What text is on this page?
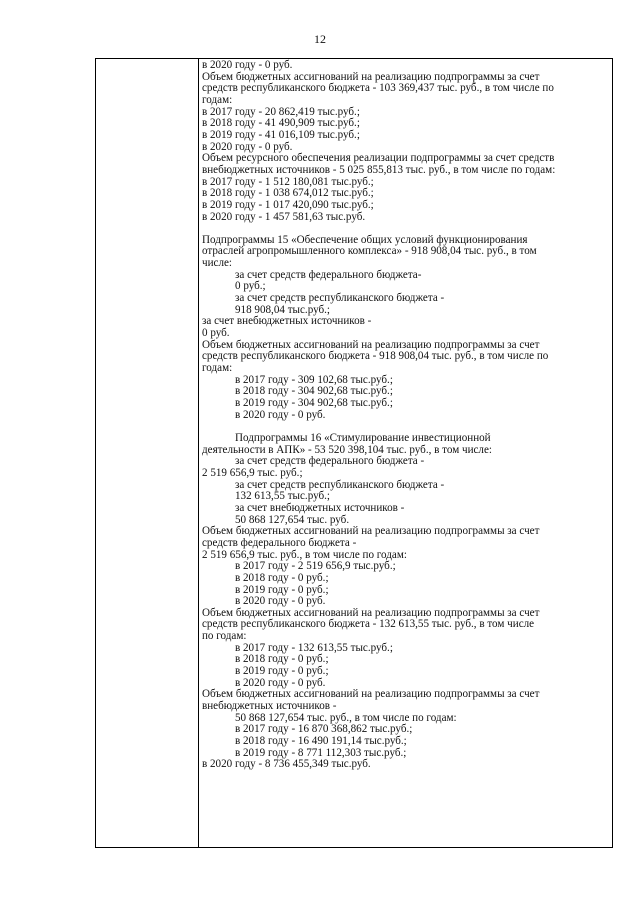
12
в 2020 году - 0 руб.
Объем бюджетных ассигнований на реализацию подпрограммы за счет
средств республиканского бюджета - 103 369,437 тыс. руб., в том числе по
годам:
в 2017 году - 20 862,419 тыс.руб.;
в 2018 году - 41 490,909 тыс.руб.;
в 2019 году - 41 016,109 тыс.руб.;
в 2020 году - 0 руб.
Объем ресурсного обеспечения реализации подпрограммы за счет средств
внебюджетных источников - 5 025 855,813 тыс. руб., в том числе по годам:
в 2017 году - 1 512 180,081 тыс.руб.;
в 2018 году - 1 038 674,012 тыс.руб.;
в 2019 году - 1 017 420,090 тыс.руб.;
в 2020 году - 1 457 581,63 тыс.руб.
Подпрограммы 15 «Обеспечение общих условий функционирования
отраслей агропромышленного комплекса» - 918 908,04 тыс. руб., в том
числе:
за счет средств федерального бюджета-
0 руб.;
за счет средств республиканского бюджета -
918 908,04 тыс.руб.;
за счет внебюджетных источников -
0 руб.
Объем бюджетных ассигнований на реализацию подпрограммы за счет
средств республиканского бюджета - 918 908,04 тыс. руб., в том числе по
годам:
в 2017 году - 309 102,68 тыс.руб.;
в 2018 году - 304 902,68 тыс.руб.;
в 2019 году - 304 902,68 тыс.руб.;
в 2020 году - 0 руб.
Подпрограммы 16 «Стимулирование инвестиционной
деятельности в АПК» - 53 520 398,104 тыс. руб., в том числе:
за счет средств федерального бюджета -
2 519 656,9 тыс. руб.;
за счет средств республиканского бюджета -
132 613,55 тыс.руб.;
за счет внебюджетных источников -
50 868 127,654 тыс. руб.
Объем бюджетных ассигнований на реализацию подпрограммы за счет
средств федерального бюджета -
2 519 656,9 тыс. руб., в том числе по годам:
в 2017 году - 2 519 656,9 тыс.руб.;
в 2018 году - 0 руб.;
в 2019 году - 0 руб.;
в 2020 году - 0 руб.
Объем бюджетных ассигнований на реализацию подпрограммы за счет
средств республиканского бюджета - 132 613,55 тыс. руб., в том числе
по годам:
в 2017 году - 132 613,55 тыс.руб.;
в 2018 году - 0 руб.;
в 2019 году - 0 руб.;
в 2020 году - 0 руб.
Объем бюджетных ассигнований на реализацию подпрограммы за счет
внебюджетных источников -
50 868 127,654 тыс. руб., в том числе по годам:
в 2017 году - 16 870 368,862 тыс.руб.;
в 2018 году - 16 490 191,14 тыс.руб.;
в 2019 году - 8 771 112,303 тыс.руб.;
в 2020 году - 8 736 455,349 тыс.руб.
